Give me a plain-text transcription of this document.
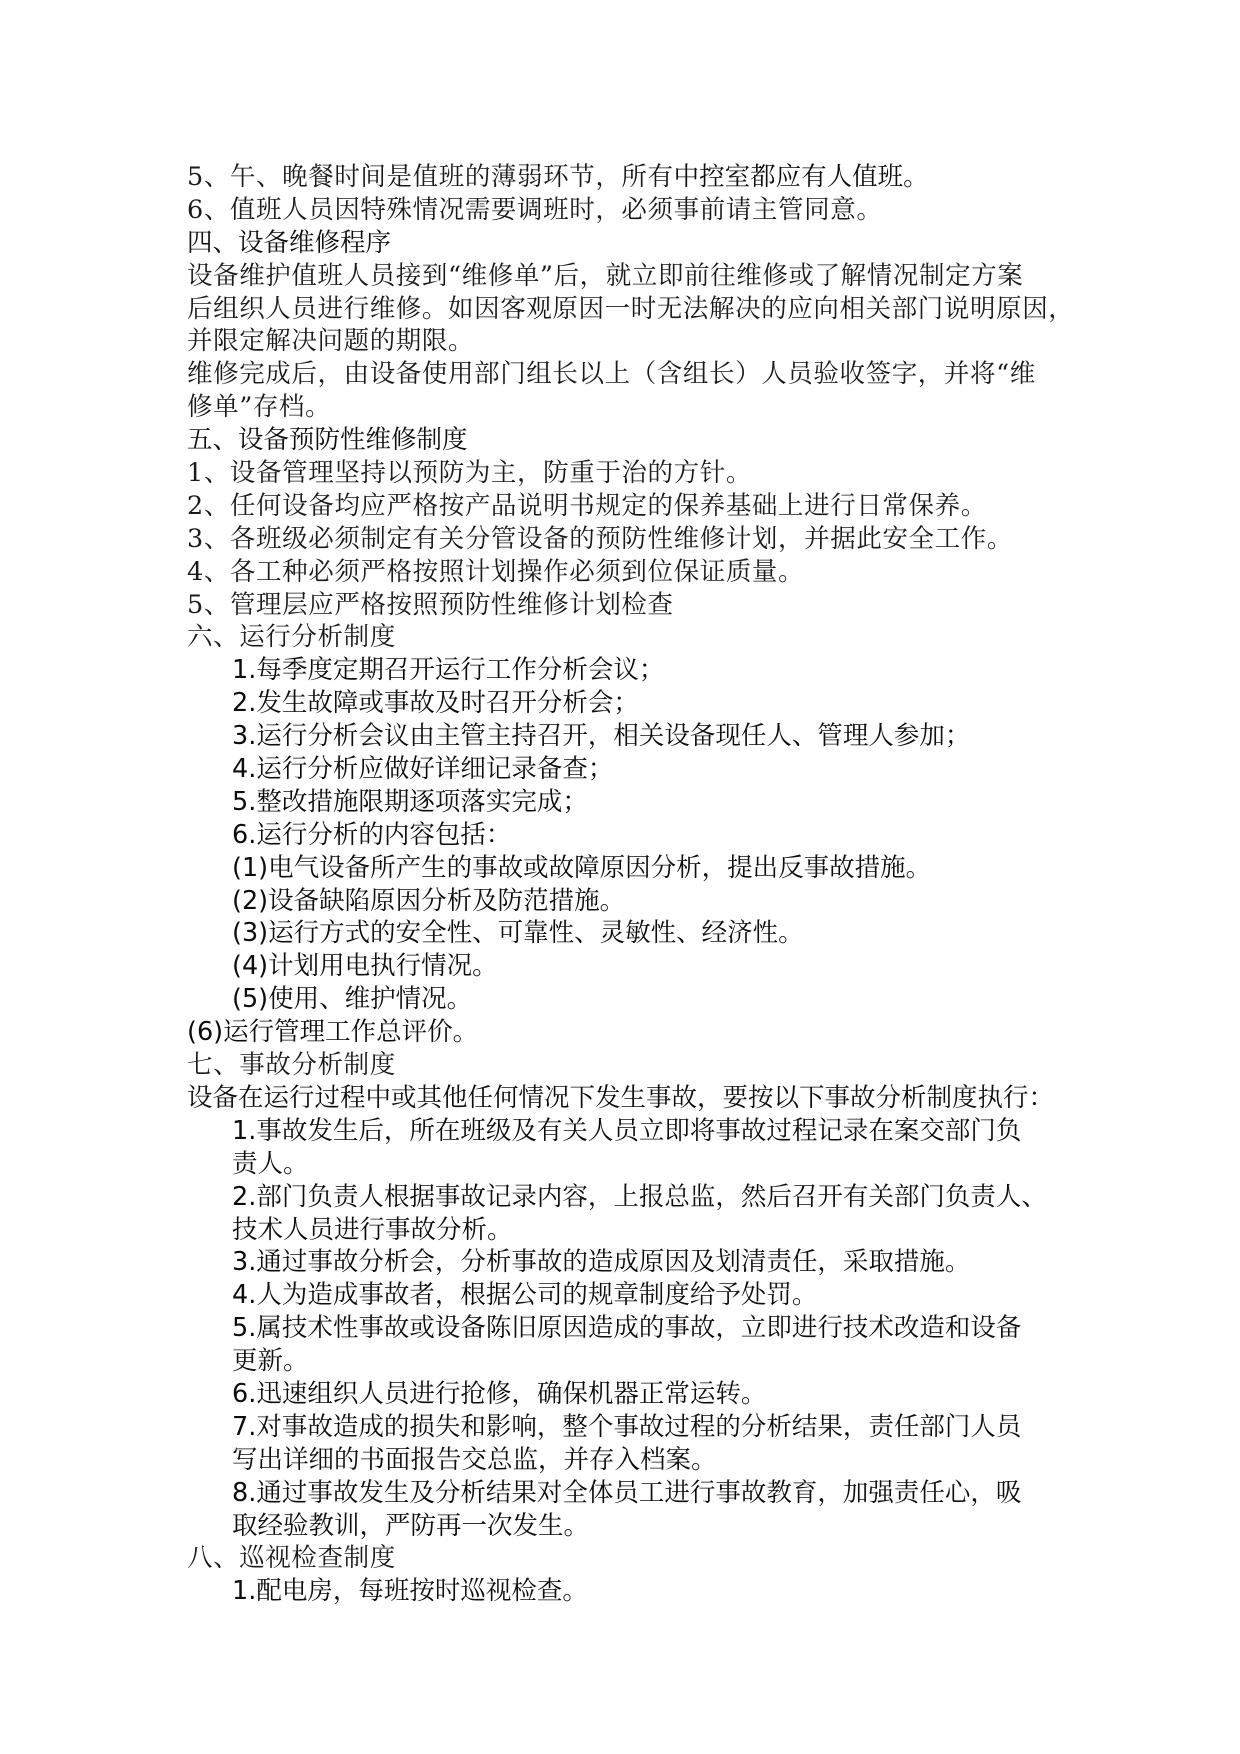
5、午、晚餐时间是值班的薄弱环节，所有中控室都应有人值班。
6、值班人员因特殊情况需要调班时，必须事前请主管同意。
四、设备维修程序
设备维护值班人员接到“维修单”后，就立即前往维修或了解情况制定方案
后组织人员进行维修。如因客观原因一时无法解决的应向相关部门说明原因，
并限定解决问题的期限。
维修完成后，由设备使用部门组长以上（含组长）人员验收签字，并将“维
修单”存档。
五、设备预防性维修制度
1、设备管理坚持以预防为主，防重于治的方针。
2、任何设备均应严格按产品说明书规定的保养基础上进行日常保养。
3、各班级必须制定有关分管设备的预防性维修计划，并据此安全工作。
4、各工种必须严格按照计划操作必须到位保证质量。
5、管理层应严格按照预防性维修计划检查
六、运行分析制度
1.每季度定期召开运行工作分析会议；
2.发生故障或事故及时召开分析会；
3.运行分析会议由主管主持召开，相关设备现任人、管理人参加；
4.运行分析应做好详细记录备查；
5.整改措施限期逐项落实完成；
6.运行分析的内容包括：
(1)电气设备所产生的事故或故障原因分析，提出反事故措施。
(2)设备缺陷原因分析及防范措施。
(3)运行方式的安全性、可靠性、灵敏性、经济性。
(4)计划用电执行情况。
(5)使用、维护情况。
(6)运行管理工作总评价。
七、事故分析制度
设备在运行过程中或其他任何情况下发生事故，要按以下事故分析制度执行：
1.事故发生后，所在班级及有关人员立即将事故过程记录在案交部门负
责人。
2.部门负责人根据事故记录内容，上报总监，然后召开有关部门负责人、
技术人员进行事故分析。
3.通过事故分析会，分析事故的造成原因及划清责任，采取措施。
4.人为造成事故者，根据公司的规章制度给予处罚。
5.属技术性事故或设备陈旧原因造成的事故，立即进行技术改造和设备
更新。
6.迅速组织人员进行抢修，确保机器正常运转。
7.对事故造成的损失和影响，整个事故过程的分析结果，责任部门人员
写出详细的书面报告交总监，并存入档案。
8.通过事故发生及分析结果对全体员工进行事故教育，加强责任心，吸
取经验教训，严防再一次发生。
八、巡视检查制度
1.配电房，每班按时巡视检查。
